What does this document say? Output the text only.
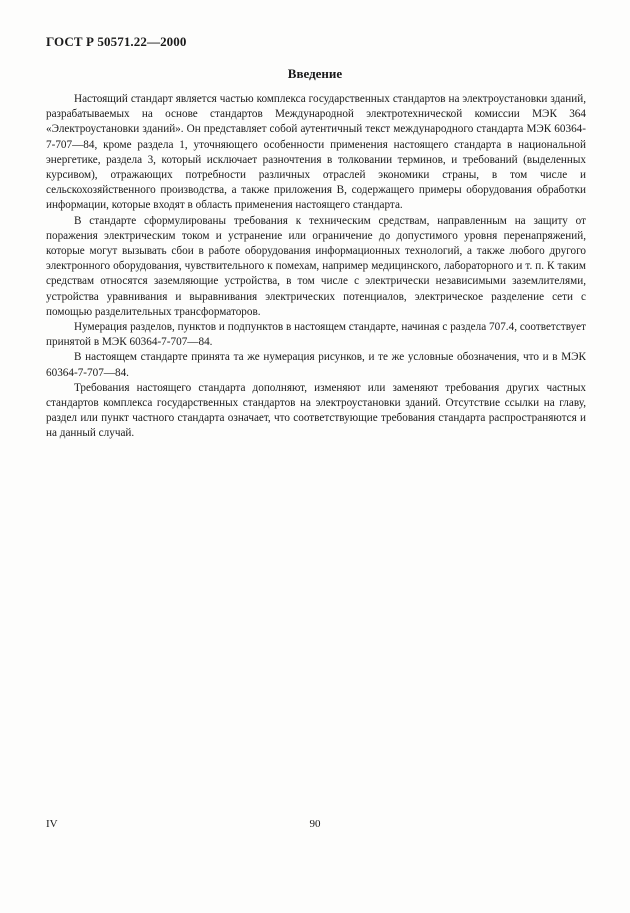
ГОСТ Р 50571.22—2000
Введение

Настоящий стандарт является частью комплекса государственных стандартов на электроустановки зданий, разрабатываемых на основе стандартов Международной электротехнической комиссии МЭК 364 «Электроустановки зданий». Он представляет собой аутентичный текст международного стандарта МЭК 60364-7-707—84, кроме раздела 1, уточняющего особенности применения настоящего стандарта в национальной энергетике, раздела 3, который исключает разночтения в толковании терминов, и требований (выделенных курсивом), отражающих потребности различных отраслей экономики страны, в том числе и сельскохозяйственного производства, а также приложения В, содержащего примеры оборудования обработки информации, которые входят в область применения настоящего стандарта.

В стандарте сформулированы требования к техническим средствам, направленным на защиту от поражения электрическим током и устранение или ограничение до допустимого уровня перенапряжений, которые могут вызывать сбои в работе оборудования информационных технологий, а также любого другого электронного оборудования, чувствительного к помехам, например медицинского, лабораторного и т. п. К таким средствам относятся заземляющие устройства, в том числе с электрически независимыми заземлителями, устройства уравнивания и выравнивания электрических потенциалов, электрическое разделение сети с помощью разделительных трансформаторов.

Нумерация разделов, пунктов и подпунктов в настоящем стандарте, начиная с раздела 707.4, соответствует принятой в МЭК 60364-7-707—84.

В настоящем стандарте принята та же нумерация рисунков, и те же условные обозначения, что и в МЭК 60364-7-707—84.

Требования настоящего стандарта дополняют, изменяют или заменяют требования других частных стандартов комплекса государственных стандартов на электроустановки зданий. Отсутствие ссылки на главу, раздел или пункт частного стандарта означает, что соответствующие требования стандарта распространяются и на данный случай.

IV	90
